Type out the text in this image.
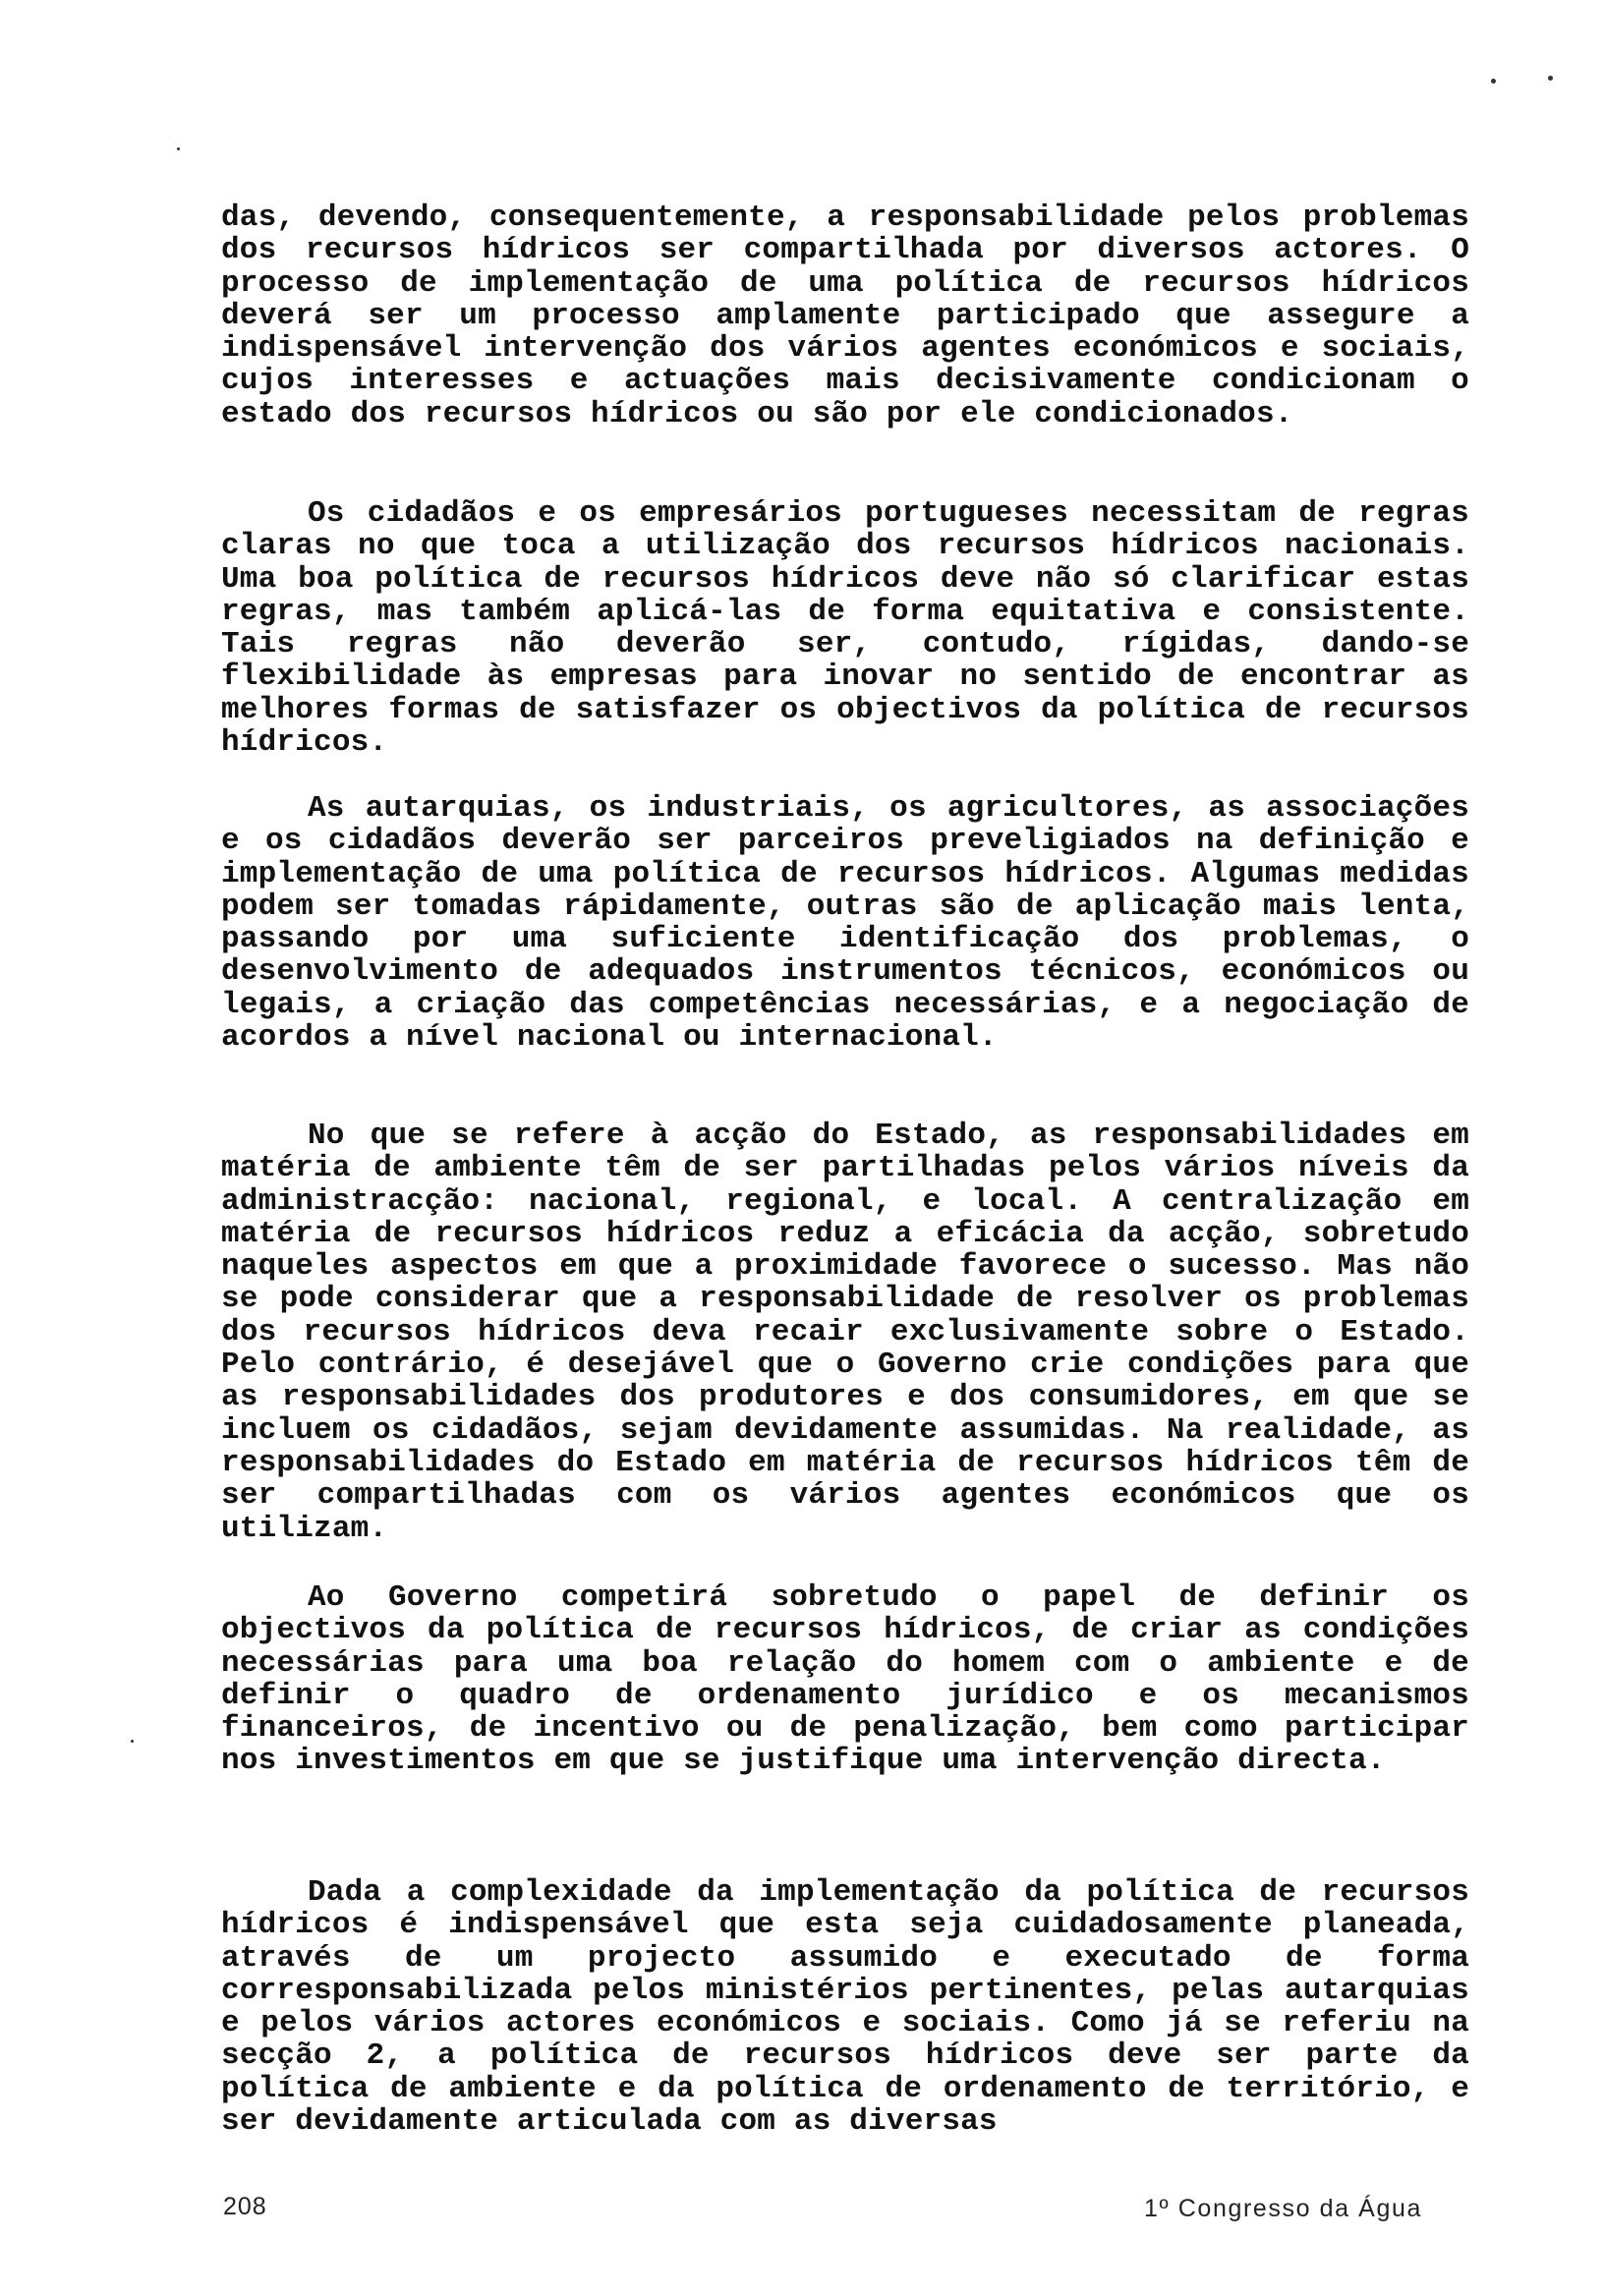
das, devendo, consequentemente, a responsabilidade pelos problemas dos recursos hídricos ser compartilhada por diversos actores. O processo de implementação de uma política de recursos hídricos deverá ser um processo amplamente participado que assegure a indispensável intervenção dos vários agentes económicos e sociais, cujos interesses e actuações mais decisivamente condicionam o estado dos recursos hídricos ou são por ele condicionados.

Os cidadãos e os empresários portugueses necessitam de regras claras no que toca a utilização dos recursos hídricos nacionais. Uma boa política de recursos hídricos deve não só clarificar estas regras, mas também aplicá-las de forma equitativa e consistente. Tais regras não deverão ser, contudo, rígidas, dando-se flexibilidade às empresas para inovar no sentido de encontrar as melhores formas de satisfazer os objectivos da política de recursos hídricos.

As autarquias, os industriais, os agricultores, as associações e os cidadãos deverão ser parceiros preveligiados na definição e implementação de uma política de recursos hídricos. Algumas medidas podem ser tomadas rápidamente, outras são de aplicação mais lenta, passando por uma suficiente identificação dos problemas, o desenvolvimento de adequados instrumentos técnicos, económicos ou legais, a criação das competências necessárias, e a negociação de acordos a nível nacional ou internacional.

No que se refere à acção do Estado, as responsabilidades em matéria de ambiente têm de ser partilhadas pelos vários níveis da administracção: nacional, regional, e local. A centralização em matéria de recursos hídricos reduz a eficácia da acção, sobretudo naqueles aspectos em que a proximidade favorece o sucesso. Mas não se pode considerar que a responsabilidade de resolver os problemas dos recursos hídricos deva recair exclusivamente sobre o Estado. Pelo contrário, é desejável que o Governo crie condições para que as responsabilidades dos produtores e dos consumidores, em que se incluem os cidadãos, sejam devidamente assumidas. Na realidade, as responsabilidades do Estado em matéria de recursos hídricos têm de ser compartilhadas com os vários agentes económicos que os utilizam.

Ao Governo competirá sobretudo o papel de definir os objectivos da política de recursos hídricos, de criar as condições necessárias para uma boa relação do homem com o ambiente e de definir o quadro de ordenamento jurídico e os mecanismos financeiros, de incentivo ou de penalização, bem como participar nos investimentos em que se justifique uma intervenção directa.

Dada a complexidade da implementação da política de recursos hídricos é indispensável que esta seja cuidadosamente planeada, através de um projecto assumido e executado de forma corresponsabilizada pelos ministérios pertinentes, pelas autarquias e pelos vários actores económicos e sociais. Como já se referiu na secção 2, a política de recursos hídricos deve ser parte da política de ambiente e da política de ordenamento de território, e ser devidamente articulada com as diversas

208	1º Congresso da Água
